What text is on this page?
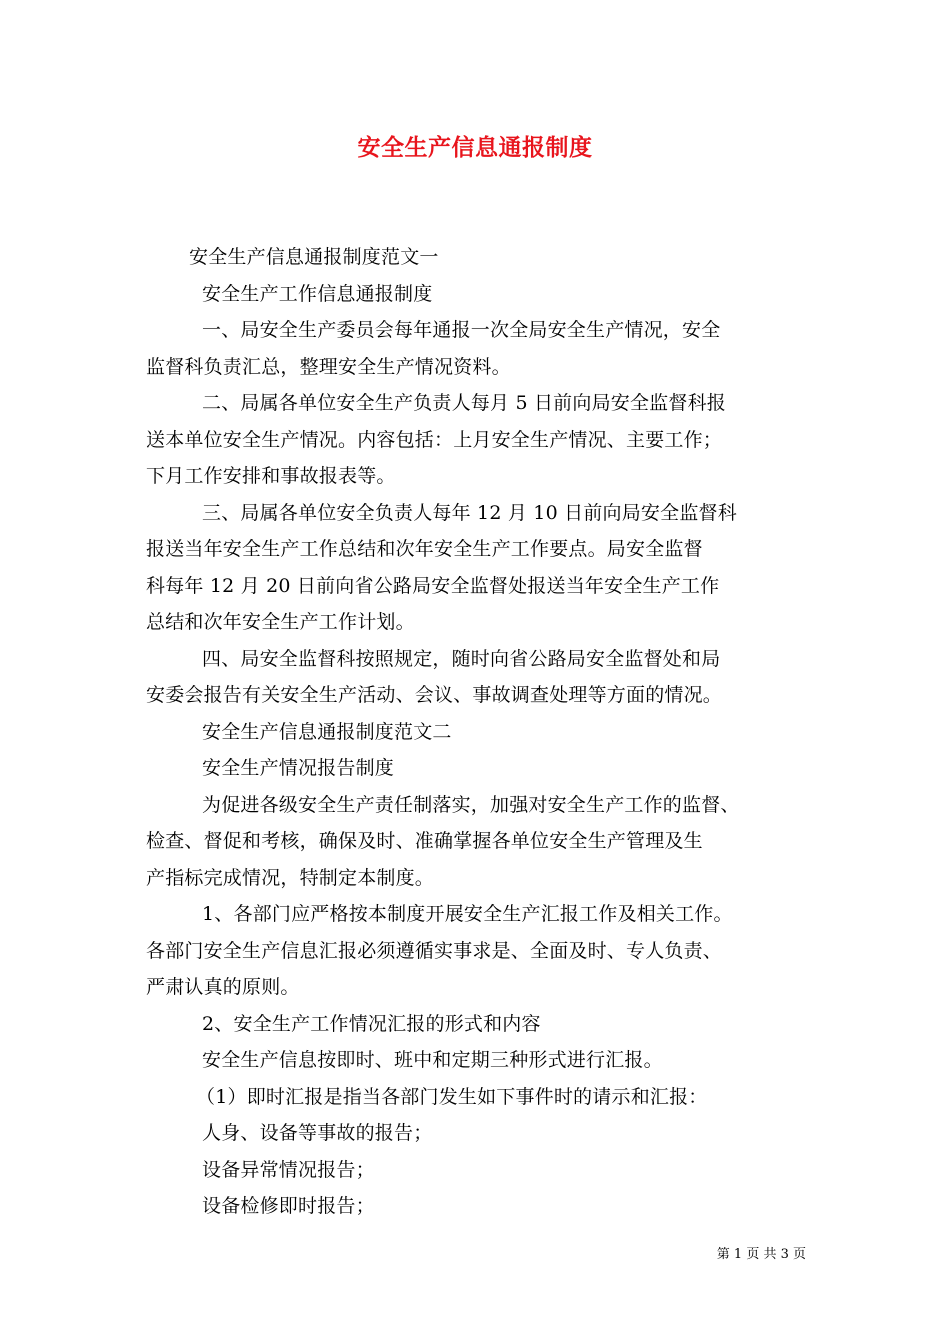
安全生产信息通报制度
安全生产信息通报制度范文一
安全生产工作信息通报制度
一、局安全生产委员会每年通报一次全局安全生产情况，安全
监督科负责汇总，整理安全生产情况资料。
二、局属各单位安全生产负责人每月 5 日前向局安全监督科报
送本单位安全生产情况。内容包括：上月安全生产情况、主要工作；
下月工作安排和事故报表等。
三、局属各单位安全负责人每年 12 月 10 日前向局安全监督科
报送当年安全生产工作总结和次年安全生产工作要点。局安全监督
科每年 12 月 20 日前向省公路局安全监督处报送当年安全生产工作
总结和次年安全生产工作计划。
四、局安全监督科按照规定，随时向省公路局安全监督处和局
安委会报告有关安全生产活动、会议、事故调查处理等方面的情况。
安全生产信息通报制度范文二
安全生产情况报告制度
为促进各级安全生产责任制落实，加强对安全生产工作的监督、
检查、督促和考核，确保及时、准确掌握各单位安全生产管理及生
产指标完成情况，特制定本制度。
1、各部门应严格按本制度开展安全生产汇报工作及相关工作。
各部门安全生产信息汇报必须遵循实事求是、全面及时、专人负责、
严肃认真的原则。
2、安全生产工作情况汇报的形式和内容
安全生产信息按即时、班中和定期三种形式进行汇报。
（1）即时汇报是指当各部门发生如下事件时的请示和汇报：
人身、设备等事故的报告；
设备异常情况报告；
设备检修即时报告；
第 1 页 共 3 页
